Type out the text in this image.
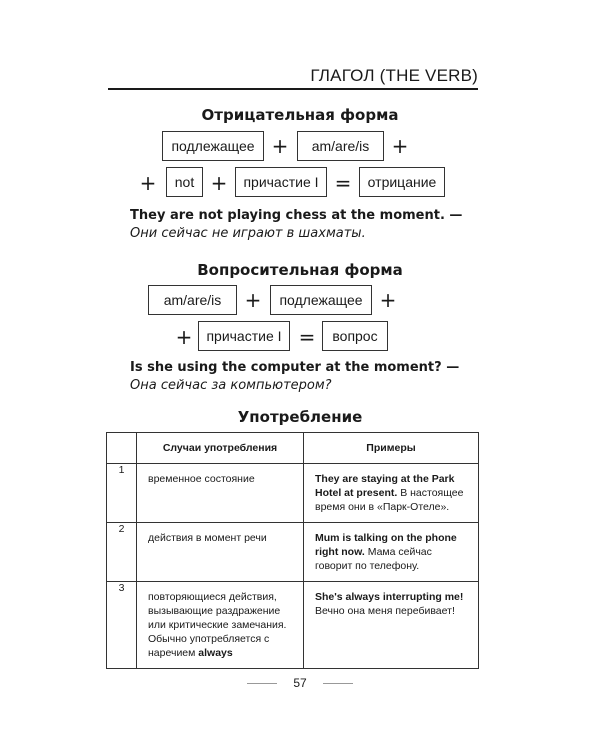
ГЛАГОЛ (THE VERB)
Отрицательная форма
подлежащее +	am/are/is	+
+	not +	причастие I =	отрицание
They are not playing chess at the moment. —
Они сейчас не играют в шахматы.
Вопросительная форма
am/are/is	+	подлежащее +
+	причастие I =	вопрос
Is she using the computer at the moment? —
Она сейчас за компьютером?
Употребление
	Случаи употребления	Примеры
1	временное состояние	They are staying at the Park Hotel at present. В настоящее время они в «Парк-Отеле».

2	действия в момент речи	Mum is talking on the phone right now. Мама сейчас говорит по телефону.

3	повторяющиеся действия, вызывающие раздражение или критические замечания. Обычно употребляется с наречием always	She's always interrupting me! Вечно она меня перебивает!
57
